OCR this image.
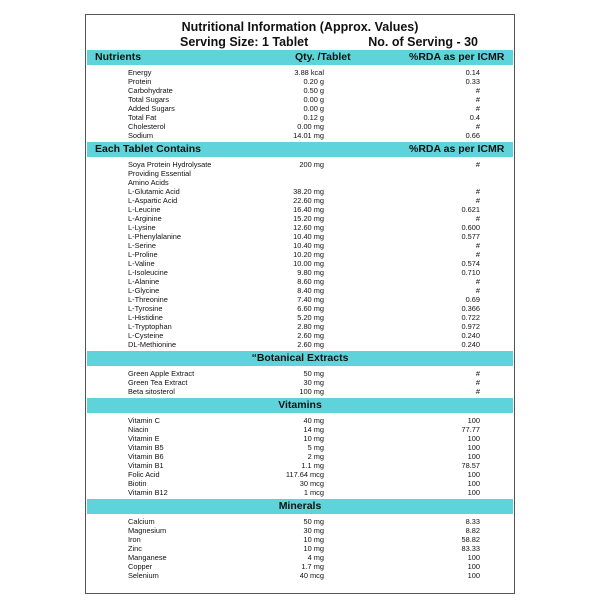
Nutritional Information (Approx. Values)
Serving Size: 1 Tablet	No. of Serving - 30
Nutrients	Qty. /Tablet	%RDA as per ICMR
Energy	3.88 kcal	0.14
Protein	0.20 g	0.33
Carbohydrate	0.50 g	#
Total Sugars	0.00 g	#
Added Sugars	0.00 g	#
Total Fat	0.12 g	0.4
Cholesterol	0.00 mg	#
Sodium	14.01 mg	0.66
Each Tablet Contains	%RDA as per ICMR
Soya Protein Hydrolysate	200 mg	#
Providing Essential
Amino Acids
L-Glutamic Acid	38.20 mg	#
L-Aspartic Acid	22.60 mg	#
L-Leucine	16.40 mg	0.621
L-Arginine	15.20 mg	#
L-Lysine	12.60 mg	0.600
L-Phenylalanine	10.40 mg	0.577
L-Serine	10.40 mg	#
L-Proline	10.20 mg	#
L-Valine	10.00 mg	0.574
L-Isoleucine	9.80 mg	0.710
L-Alanine	8.60 mg	#
L-Glycine	8.40 mg	#
L-Threonine	7.40 mg	0.69
L-Tyrosine	6.60 mg	0.366
L-Histidine	5.20 mg	0.722
L-Tryptophan	2.80 mg	0.972
L-Cysteine	2.60 mg	0.240
DL-Methionine	2.60 mg	0.240
“Botanical Extracts
Green Apple Extract	50 mg	#
Green Tea Extract	30 mg	#
Beta sitosterol	100 mg	#
Vitamins
Vitamin C	40 mg	100
Niacin	14 mg	77.77
Vitamin E	10 mg	100
Vitamin B5	5 mg	100
Vitamin B6	2 mg	100
Vitamin B1	1.1 mg	78.57
Folic Acid	117.64 mcg	100
Biotin	30 mcg	100
Vitamin B12	1 mcg	100
Minerals
Calcium	50 mg	8.33
Magnesium	30 mg	8.82
Iron	10 mg	58.82
Zinc	10 mg	83.33
Manganese	4 mg	100
Copper	1.7 mg	100
Selenium	40 mcg	100
